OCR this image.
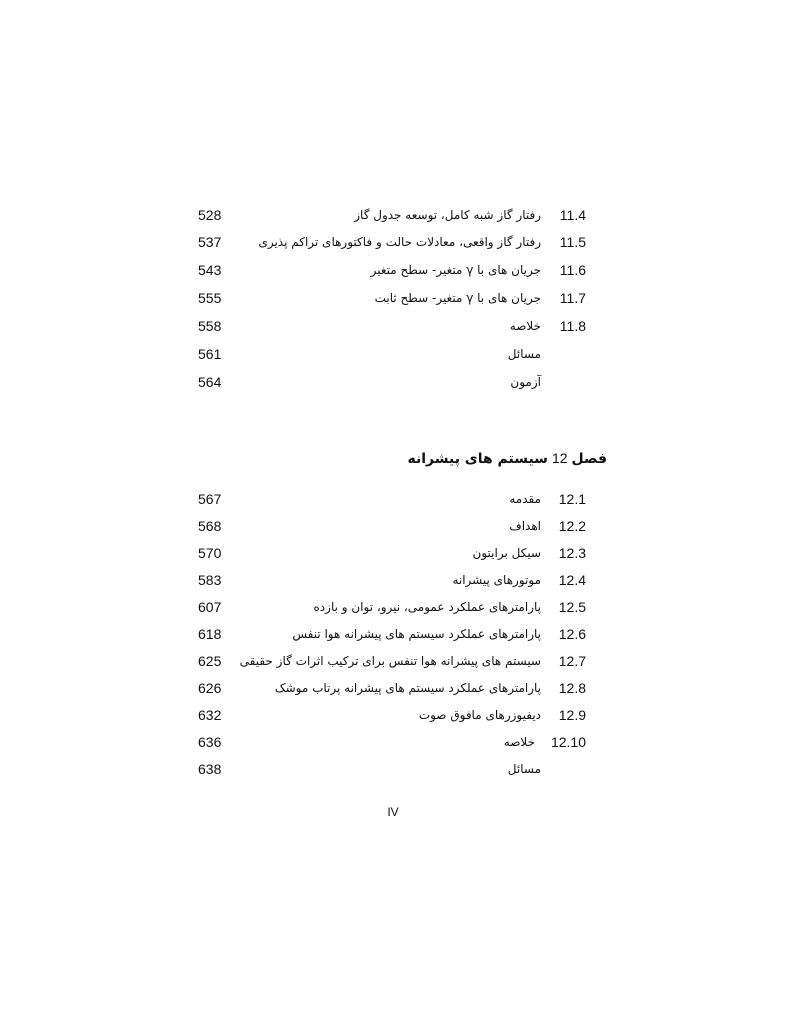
528	رفتار گاز شبه کامل، توسعه جدول گاز	11.4
537	رفتار گاز واقعی، معادلات حالت و فاکتورهای تراکم پذیری	11.5
543	جریان های با γ متغیر- سطح متغیر	11.6
555	جریان های با γ متغیر- سطح ثابت	11.7
558	خلاصه	11.8
561	مسائل
564	آزمون
فصل12سیستم های پیشرانه
567	مقدمه	12.1
568	اهداف	12.2
570	سیکل برایتون	12.3
583	موتورهای پیشرانه	12.4
607	پارامترهای عملکرد عمومی، نیرو، توان و بازده	12.5
618	پارامترهای عملکرد سیستم های پیشرانه هوا تنفس	12.6
625	سیستم های پیشرانه هوا تنفس برای ترکیب اثرات گاز حقیقی	12.7
626	پارامترهای عملکرد سیستم های پیشرانه پرتاب موشک	12.8
632	دیفیوزرهای مافوق صوت	12.9
636	خلاصه	12.10
638	مسائل
IV
